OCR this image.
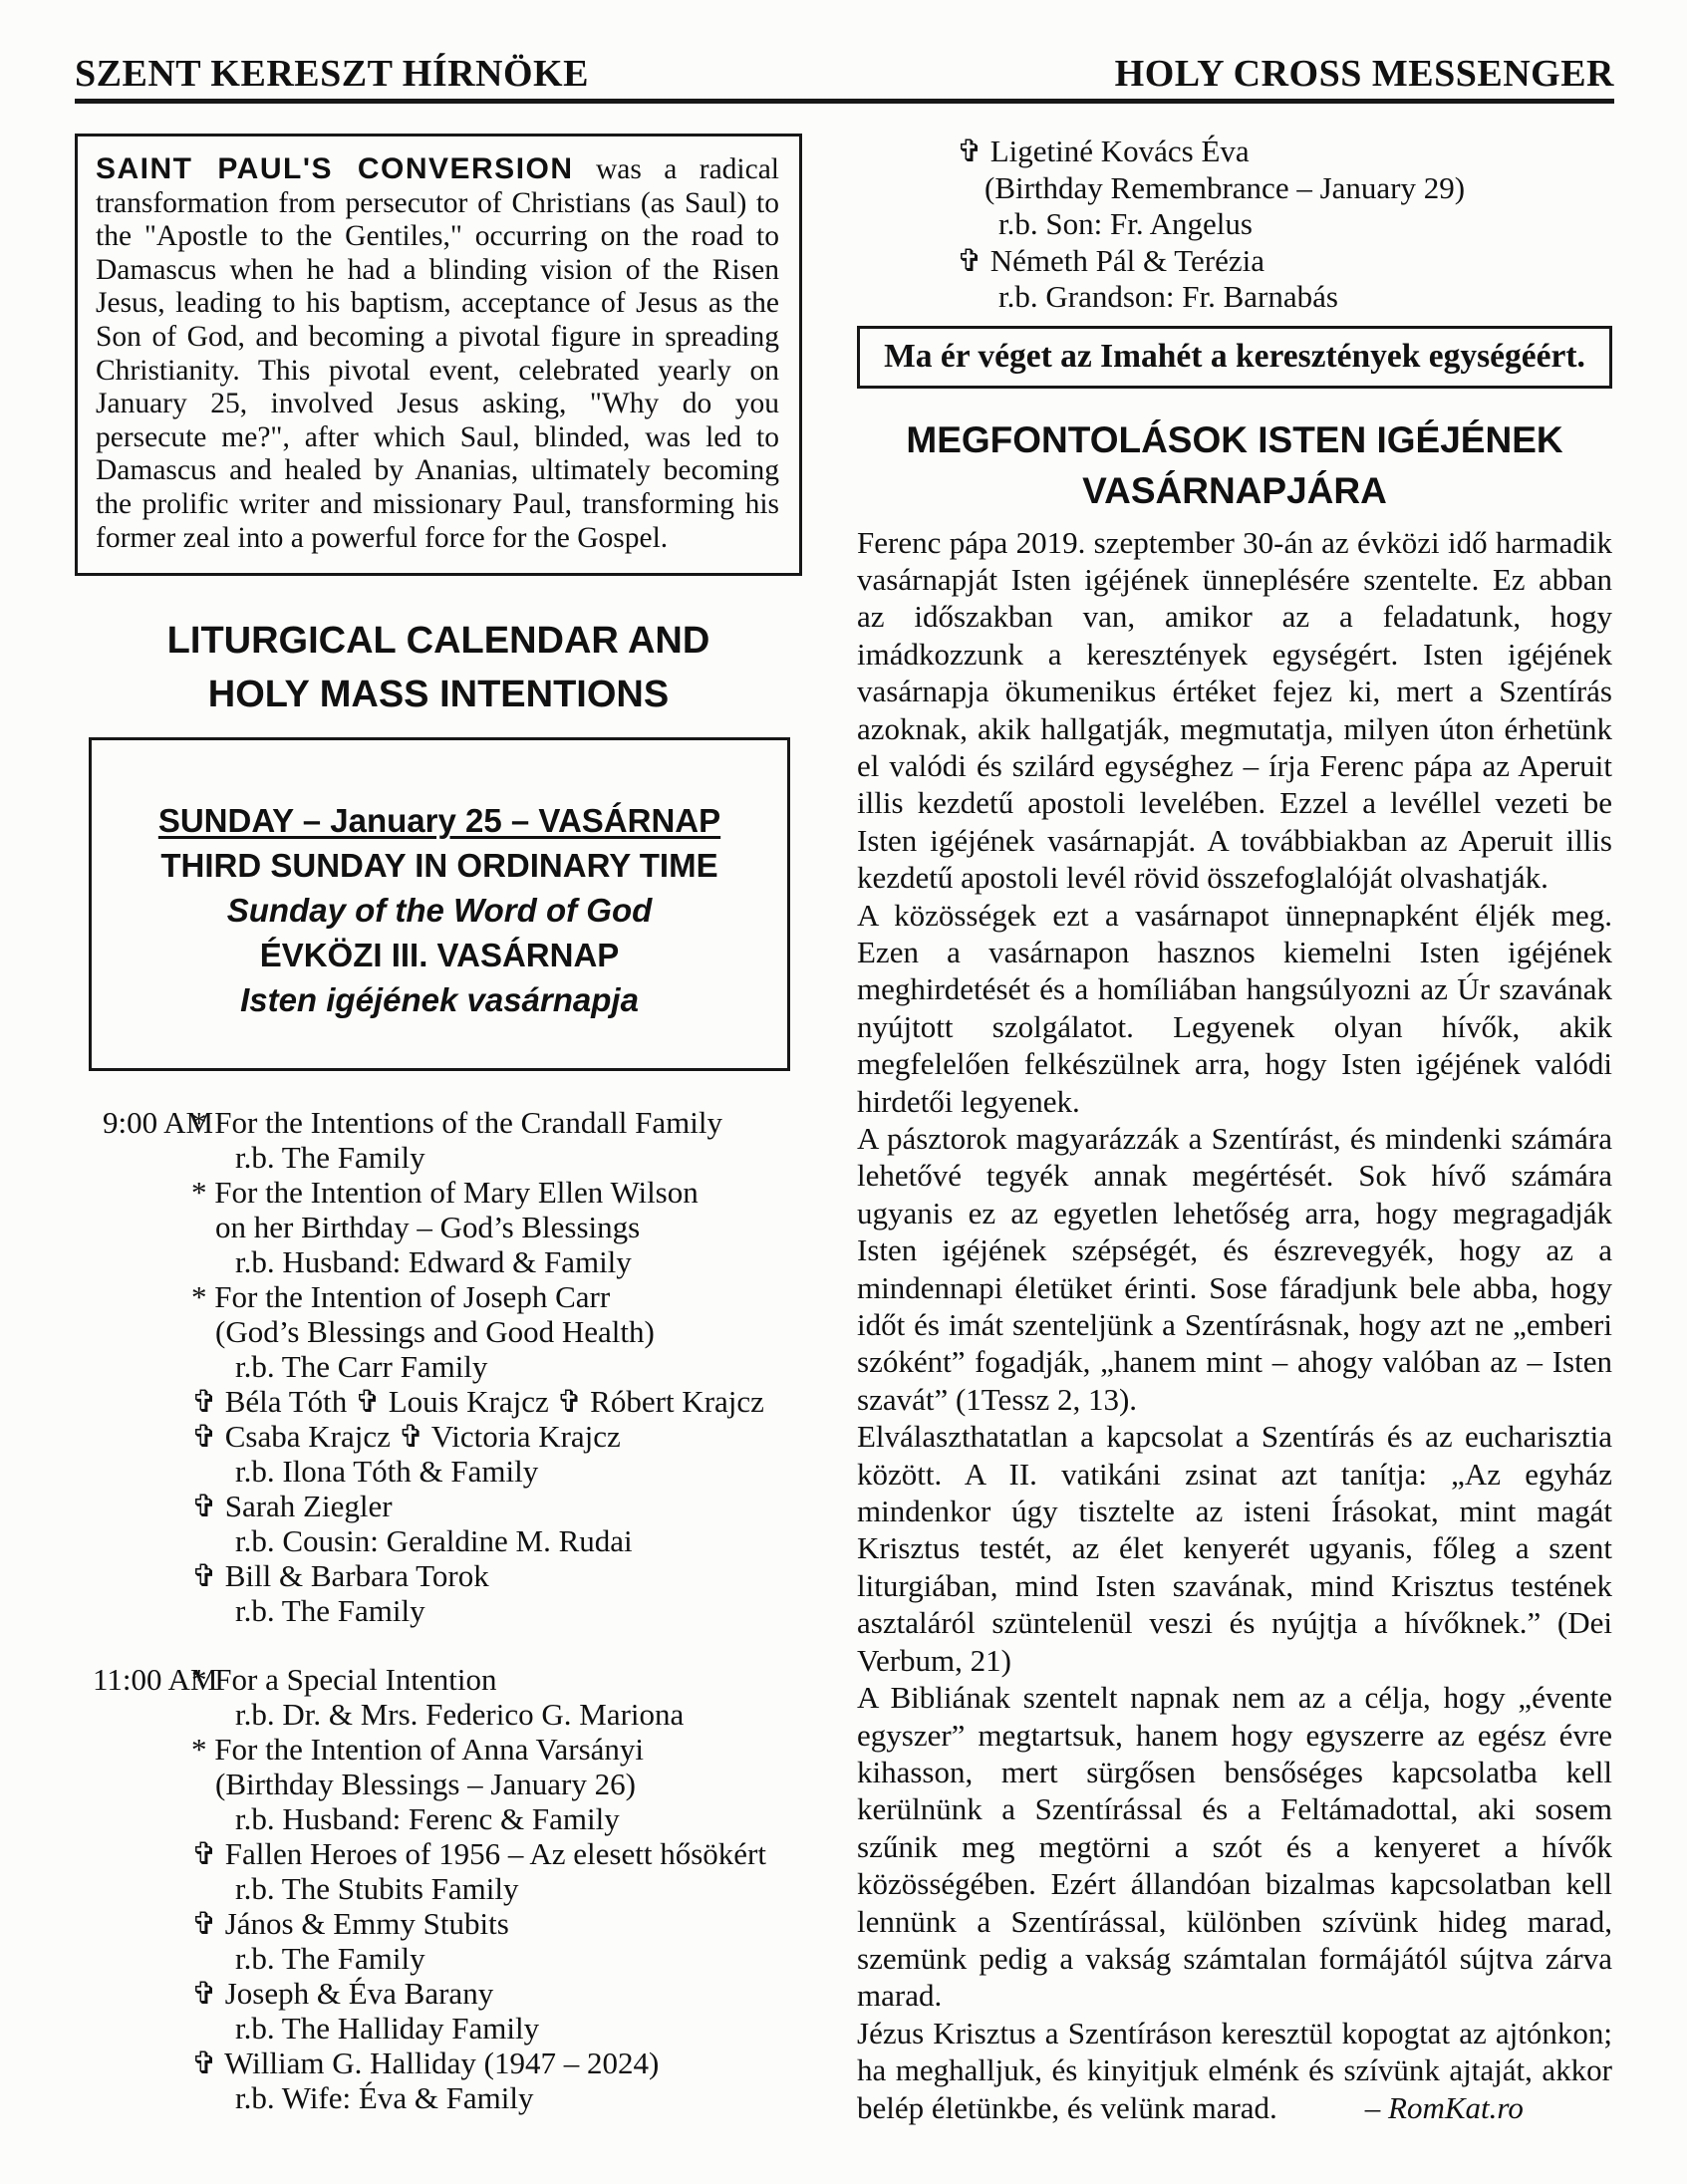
SZENT KERESZT HÍRNÖKE	HOLY CROSS MESSENGER

SAINT PAUL'S CONVERSION was a radical transformation from persecutor of Christians (as Saul) to the "Apostle to the Gentiles," occurring on the road to Damascus when he had a blinding vision of the Risen Jesus, leading to his baptism, acceptance of Jesus as the Son of God, and becoming a pivotal figure in spreading Christianity. This pivotal event, celebrated yearly on January 25, involved Jesus asking, "Why do you persecute me?", after which Saul, blinded, was led to Damascus and healed by Ananias, ultimately becoming the prolific writer and missionary Paul, transforming his former zeal into a powerful force for the Gospel.

LITURGICAL CALENDAR AND
HOLY MASS INTENTIONS
SUNDAY – January 25 – VASÁRNAP
THIRD SUNDAY IN ORDINARY TIME
Sunday of the Word of God
ÉVKÖZI III. VASÁRNAP
Isten igéjének vasárnapja
9:00 AM
* For the Intentions of the Crandall Family
r.b. The Family
* For the Intention of Mary Ellen Wilson
on her Birthday – God’s Blessings
r.b. Husband: Edward & Family
* For the Intention of Joseph Carr
(God’s Blessings and Good Health)
r.b. The Carr Family
✞ Béla Tóth ✞ Louis Krajcz ✞ Róbert Krajcz
✞ Csaba Krajcz ✞ Victoria Krajcz
r.b. Ilona Tóth & Family
✞ Sarah Ziegler
r.b. Cousin: Geraldine M. Rudai
✞ Bill & Barbara Torok
r.b. The Family
11:00 AM
* For a Special Intention
r.b. Dr. & Mrs. Federico G. Mariona
* For the Intention of Anna Varsányi
(Birthday Blessings – January 26)
r.b. Husband: Ferenc & Family
✞ Fallen Heroes of 1956 – Az elesett hősökért
r.b. The Stubits Family
✞ János & Emmy Stubits
r.b. The Family
✞ Joseph & Éva Barany
r.b. The Halliday Family
✞ William G. Halliday (1947 – 2024)
r.b. Wife: Éva & Family
✞ Ligetiné Kovács Éva
(Birthday Remembrance – January 29)
r.b. Son: Fr. Angelus
✞ Németh Pál & Terézia
r.b. Grandson: Fr. Barnabás
Ma ér véget az Imahét a keresztények egységéért.
MEGFONTOLÁSOK ISTEN IGÉJÉNEK
VASÁRNAPJÁRA

Ferenc pápa 2019. szeptember 30-án az évközi idő harmadik vasárnapját Isten igéjének ünneplésére szentelte. Ez abban az időszakban van, amikor az a feladatunk, hogy imádkozzunk a keresztények egységért. Isten igéjének vasárnapja ökumenikus értéket fejez ki, mert a Szentírás azoknak, akik hallgatják, megmutatja, milyen úton érhetünk el valódi és szilárd egységhez – írja Ferenc pápa az Aperuit illis kezdetű apostoli levelében. Ezzel a levéllel vezeti be Isten igéjének vasárnapját. A továbbiakban az Aperuit illis kezdetű apostoli levél rövid összefoglalóját olvashatják.

A közösségek ezt a vasárnapot ünnepnapként éljék meg. Ezen a vasárnapon hasznos kiemelni Isten igéjének meghirdetését és a homíliában hangsúlyozni az Úr szavának nyújtott szolgálatot. Legyenek olyan hívők, akik megfelelően felkészülnek arra, hogy Isten igéjének valódi hirdetői legyenek.

A pásztorok magyarázzák a Szentírást, és mindenki számára lehetővé tegyék annak megértését. Sok hívő számára ugyanis ez az egyetlen lehetőség arra, hogy megragadják Isten igéjének szépségét, és észrevegyék, hogy az a mindennapi életüket érinti. Sose fáradjunk bele abba, hogy időt és imát szenteljünk a Szentírásnak, hogy azt ne „emberi szóként” fogadják, „hanem mint – ahogy valóban az – Isten szavát” (1Tessz 2, 13).

Elválaszthatatlan a kapcsolat a Szentírás és az eucharisztia között. A II. vatikáni zsinat azt tanítja: „Az egyház mindenkor úgy tisztelte az isteni Írásokat, mint magát Krisztus testét, az élet kenyerét ugyanis, főleg a szent liturgiában, mind Isten szavának, mind Krisztus testének asztaláról szüntelenül veszi és nyújtja a hívőknek.” (Dei Verbum, 21)

A Bibliának szentelt napnak nem az a célja, hogy „évente egyszer” megtartsuk, hanem hogy egyszerre az egész évre kihasson, mert sürgősen bensőséges kapcsolatba kell kerülnünk a Szentírással és a Feltámadottal, aki sosem szűnik meg megtörni a szót és a kenyeret a hívők közösségében. Ezért állandóan bizalmas kapcsolatban kell lennünk a Szentírással, különben szívünk hideg marad, szemünk pedig a vakság számtalan formájától sújtva zárva marad.

Jézus Krisztus a Szentíráson keresztül kopogtat az ajtónkon; ha meghalljuk, és kinyitjuk elménk és szívünk ajtaját, akkor belép életünkbe, és velünk marad.	– RomKat.ro
